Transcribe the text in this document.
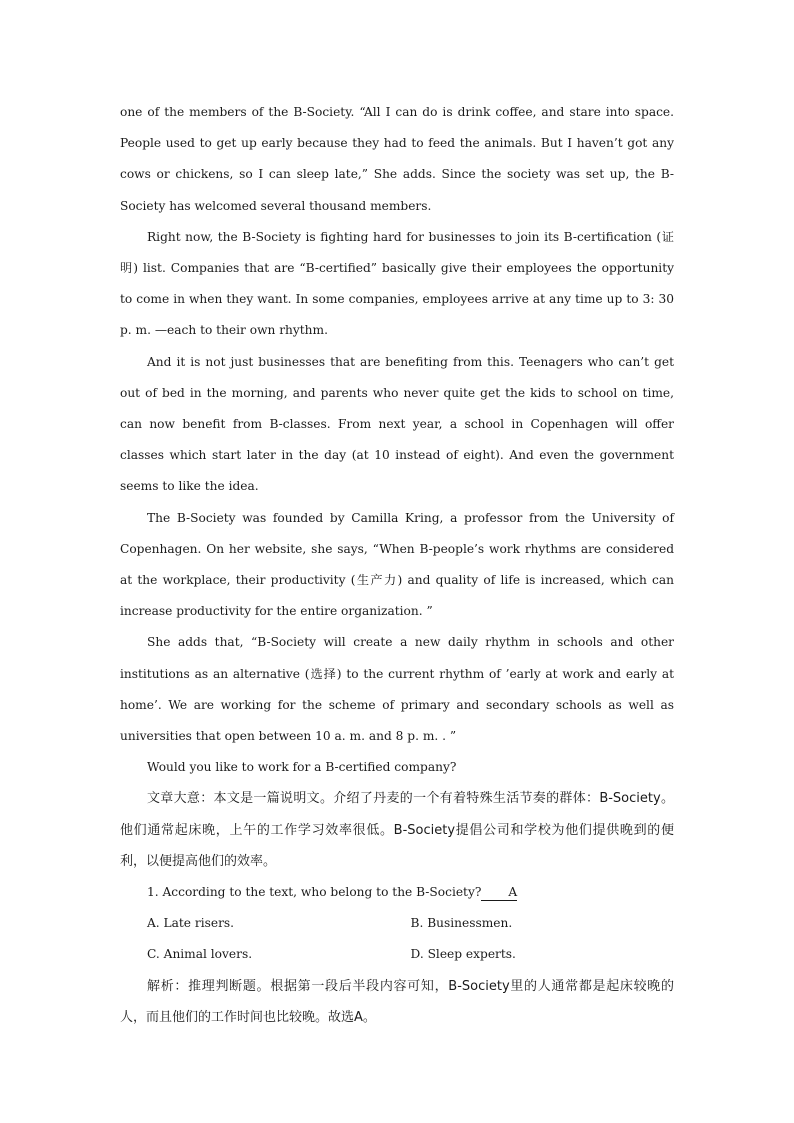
one of the members of the B-Society. “All I can do is drink coffee, and stare into space. People used to get up early because they had to feed the animals. But I haven’t got any cows or chickens, so I can sleep late,” She adds. Since the society was set up, the B-Society has welcomed several thousand members.

Right now, the B-Society is fighting hard for businesses to join its B-certification (证明) list. Companies that are “B-certified” basically give their employees the opportunity to come in when they want. In some companies, employees arrive at any time up to 3: 30 p. m. —each to their own rhythm.

And it is not just businesses that are benefiting from this. Teenagers who can’t get out of bed in the morning, and parents who never quite get the kids to school on time, can now benefit from B-classes. From next year, a school in Copenhagen will offer classes which start later in the day (at 10 instead of eight). And even the government seems to like the idea.

The B-Society was founded by Camilla Kring, a professor from the University of Copenhagen. On her website, she says, “When B-people’s work rhythms are considered at the workplace, their productivity (生产力) and quality of life is increased, which can increase productivity for the entire organization. ”

She adds that, “B-Society will create a new daily rhythm in schools and other institutions as an alternative (选择) to the current rhythm of ’early at work and early at home’. We are working for the scheme of primary and secondary schools as well as universities that open between 10 a. m. and 8 p. m. . ”

Would you like to work for a B-certified company?

文章大意：本文是一篇说明文。介绍了丹麦的一个有着特殊生活节奏的群体：B-Society。他们通常起床晚，上午的工作学习效率很低。B-Society提倡公司和学校为他们提供晚到的便利，以便提高他们的效率。

1. According to the text, who belong to the B-Society? A

A. Late risers.	B. Businessmen.
C. Animal lovers.	D. Sleep experts.

解析：推理判断题。根据第一段后半段内容可知，B-Society里的人通常都是起床较晚的人，而且他们的工作时间也比较晚。故选A。
